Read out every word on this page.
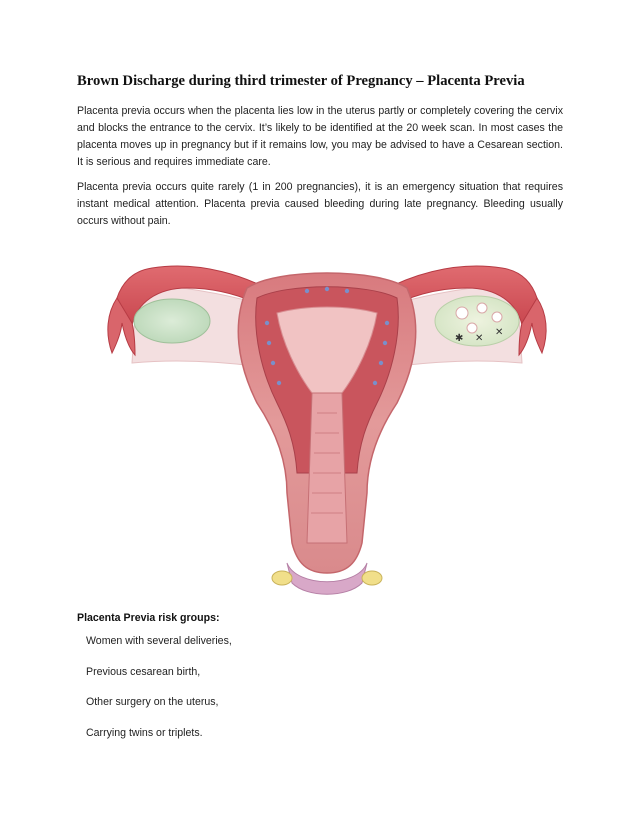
Brown Discharge during third trimester of Pregnancy – Placenta Previa

Placenta previa occurs when the placenta lies low in the uterus partly or completely covering the cervix and blocks the entrance to the cervix. It’s likely to be identified at the 20 week scan. In most cases the placenta moves up in pregnancy but if it remains low, you may be advised to have a Cesarean section. It is serious and requires immediate care.

Placenta previa occurs quite rarely (1 in 200 pregnancies), it is an emergency situation that requires instant medical attention. Placenta previa caused bleeding during late pregnancy. Bleeding usually occurs without pain.

✱ ✕
✕
Placenta Previa risk groups:
Women with several deliveries,
Previous cesarean birth,
Other surgery on the uterus,
Carrying twins or triplets.
